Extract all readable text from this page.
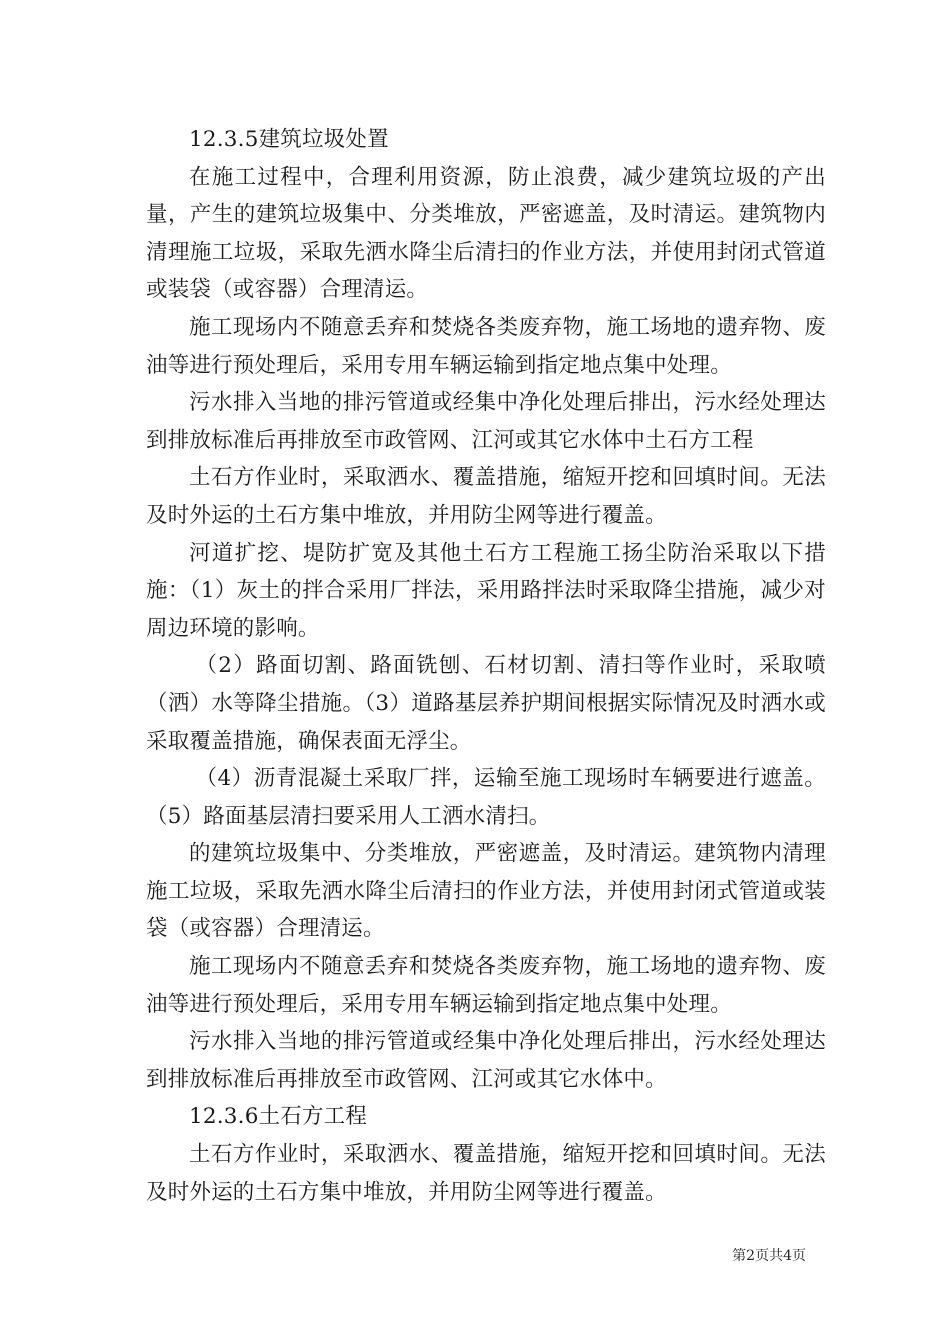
12.3.5建筑垃圾处置

在施工过程中，合理利用资源，防止浪费，减少建筑垃圾的产出量，产生的建筑垃圾集中、分类堆放，严密遮盖，及时清运。建筑物内清理施工垃圾，采取先洒水降尘后清扫的作业方法，并使用封闭式管道或装袋（或容器）合理清运。

施工现场内不随意丢弃和焚烧各类废弃物，施工场地的遗弃物、废油等进行预处理后，采用专用车辆运输到指定地点集中处理。

污水排入当地的排污管道或经集中净化处理后排出，污水经处理达到排放标准后再排放至市政管网、江河或其它水体中土石方工程

土石方作业时，采取洒水、覆盖措施，缩短开挖和回填时间。无法及时外运的土石方集中堆放，并用防尘网等进行覆盖。

河道扩挖、堤防扩宽及其他土石方工程施工扬尘防治采取以下措施：（1）灰土的拌合采用厂拌法，采用路拌法时采取降尘措施，减少对周边环境的影响。

（2）路面切割、路面铣刨、石材切割、清扫等作业时，采取喷（洒）水等降尘措施。（3）道路基层养护期间根据实际情况及时洒水或采取覆盖措施，确保表面无浮尘。

（4）沥青混凝土采取厂拌，运输至施工现场时车辆要进行遮盖。（5）路面基层清扫要采用人工洒水清扫。

的建筑垃圾集中、分类堆放，严密遮盖，及时清运。建筑物内清理施工垃圾，采取先洒水降尘后清扫的作业方法，并使用封闭式管道或装袋（或容器）合理清运。

施工现场内不随意丢弃和焚烧各类废弃物，施工场地的遗弃物、废油等进行预处理后，采用专用车辆运输到指定地点集中处理。

污水排入当地的排污管道或经集中净化处理后排出，污水经处理达到排放标准后再排放至市政管网、江河或其它水体中。

12.3.6土石方工程

土石方作业时，采取洒水、覆盖措施，缩短开挖和回填时间。无法及时外运的土石方集中堆放，并用防尘网等进行覆盖。

第2页共4页
